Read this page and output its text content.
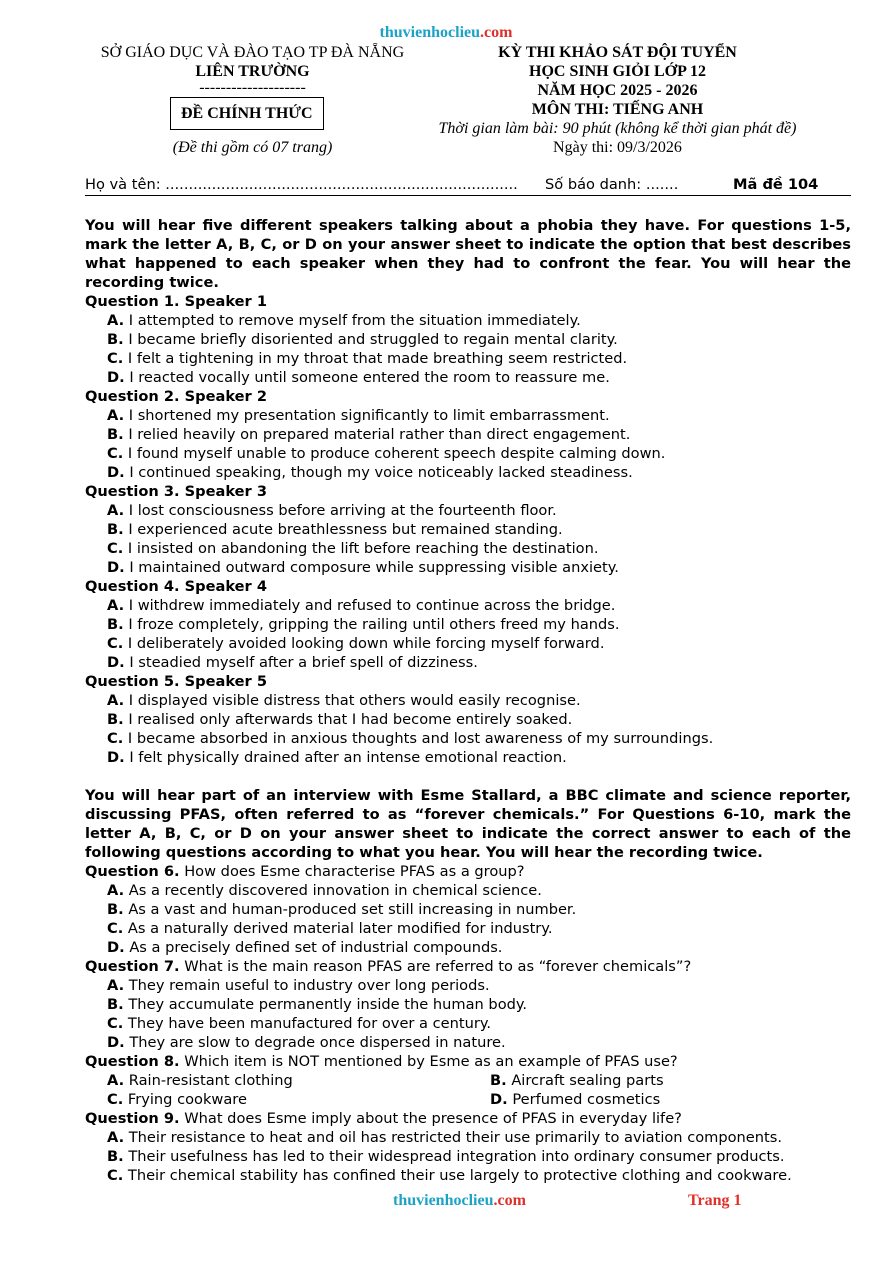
thuvienhoclieu.com
SỞ GIÁO DỤC VÀ ĐÀO TẠO TP ĐÀ NẴNG
LIÊN TRƯỜNG
--------------------
ĐỀ CHÍNH THỨC
(Đề thi gồm có 07 trang)
KỲ THI KHẢO SÁT ĐỘI TUYỂN
HỌC SINH GIỎI LỚP 12
NĂM HỌC 2025 - 2026
MÔN THI: TIẾNG ANH
Thời gian làm bài: 90 phút (không kể thời gian phát đề)
Ngày thi: 09/3/2026
Họ và tên: ............................................................................ Số báo danh: .......	Mã đề 104

You will hear five different speakers talking about a phobia they have. For questions 1-5, mark the letter A, B, C, or D on your answer sheet to indicate the option that best describes what happened to each speaker when they had to confront the fear. You will hear the recording twice.

Question 1. Speaker 1

A. I attempted to remove myself from the situation immediately.
B. I became briefly disoriented and struggled to regain mental clarity.
C. I felt a tightening in my throat that made breathing seem restricted.
D. I reacted vocally until someone entered the room to reassure me.

Question 2. Speaker 2

A. I shortened my presentation significantly to limit embarrassment.
B. I relied heavily on prepared material rather than direct engagement.
C. I found myself unable to produce coherent speech despite calming down.
D. I continued speaking, though my voice noticeably lacked steadiness.

Question 3. Speaker 3

A. I lost consciousness before arriving at the fourteenth floor.
B. I experienced acute breathlessness but remained standing.
C. I insisted on abandoning the lift before reaching the destination.
D. I maintained outward composure while suppressing visible anxiety.

Question 4. Speaker 4

A. I withdrew immediately and refused to continue across the bridge.
B. I froze completely, gripping the railing until others freed my hands.
C. I deliberately avoided looking down while forcing myself forward.
D. I steadied myself after a brief spell of dizziness.

Question 5. Speaker 5

A. I displayed visible distress that others would easily recognise.
B. I realised only afterwards that I had become entirely soaked.
C. I became absorbed in anxious thoughts and lost awareness of my surroundings.
D. I felt physically drained after an intense emotional reaction.

You will hear part of an interview with Esme Stallard, a BBC climate and science reporter, discussing PFAS, often referred to as “forever chemicals.” For Questions 6-10, mark the letter A, B, C, or D on your answer sheet to indicate the correct answer to each of the following questions according to what you hear. You will hear the recording twice.

Question 6. How does Esme characterise PFAS as a group?

A. As a recently discovered innovation in chemical science.
B. As a vast and human-produced set still increasing in number.
C. As a naturally derived material later modified for industry.
D. As a precisely defined set of industrial compounds.

Question 7. What is the main reason PFAS are referred to as “forever chemicals”?

A. They remain useful to industry over long periods.
B. They accumulate permanently inside the human body.
C. They have been manufactured for over a century.
D. They are slow to degrade once dispersed in nature.

Question 8. Which item is NOT mentioned by Esme as an example of PFAS use?

A. Rain-resistant clothing	B. Aircraft sealing parts
C. Frying cookware	D. Perfumed cosmetics

Question 9. What does Esme imply about the presence of PFAS in everyday life?

A. Their resistance to heat and oil has restricted their use primarily to aviation components.
B. Their usefulness has led to their widespread integration into ordinary consumer products.
C. Their chemical stability has confined their use largely to protective clothing and cookware.
thuvienhoclieu.com	Trang 1
